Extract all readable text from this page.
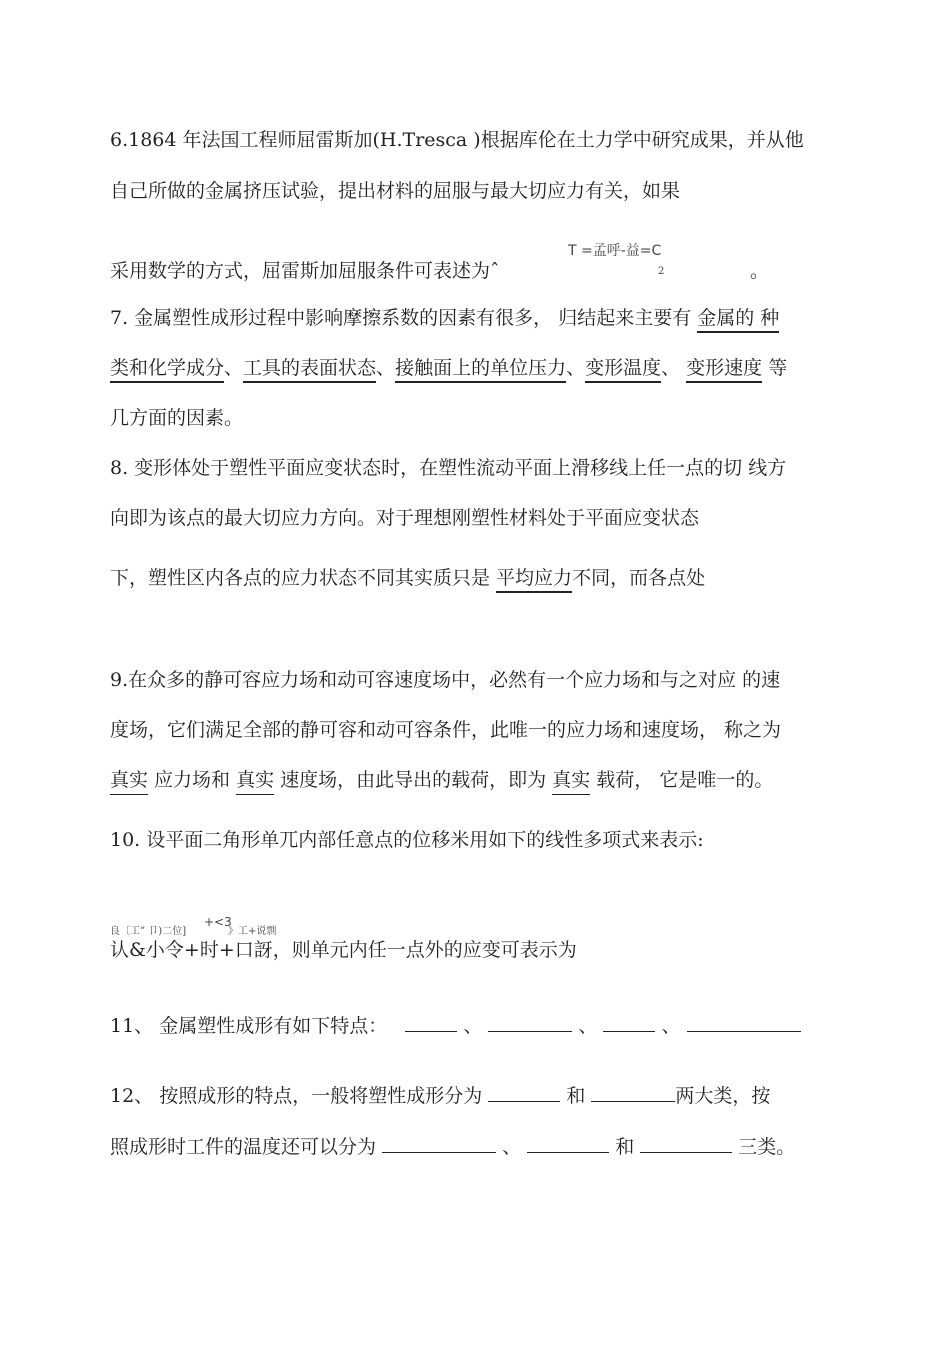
6.1864 年法国工程师屈雷斯加(H.Tresca )根据库伦在土力学中研究成果，并从他
自己所做的金属挤压试验，提出材料的屈服与最大切应力有关，如果
T =孟呼-益=C
2
采用数学的方式，屈雷斯加屈服条件可表述为ˆ	。
7. 金属塑性成形过程中影响摩擦系数的因素有很多， 归结起来主要有 金属的 种
类和化学成分、工具的表面状态、接触面上的单位压力、变形温度、 变形速度 等
几方面的因素。
8. 变形体处于塑性平面应变状态时，在塑性流动平面上滑移线上任一点的切 线方
向即为该点的最大切应力方向。对于理想刚塑性材料处于平面应变状态
下，塑性区内各点的应力状态不同其实质只是 平均应力不同，而各点处
9.在众多的静可容应力场和动可容速度场中，必然有一个应力场和与之对应 的速
度场，它们满足全部的静可容和动可容条件，此唯一的应力场和速度场， 称之为
真实 应力场和 真实 速度场，由此导出的载荷，即为 真实 载荷， 它是唯一的。
10. 设平面二角形单兀内部任意点的位移米用如下的线性多项式来表示:
良〔工” 卩)二位]
+<3
》工+说剽
认&小令+时+口訝，则单元内任一点外的应变可表示为
11、 金属塑性成形有如下特点：	、	、	、
12、 按照成形的特点，一般将塑性成形分为	和	两大类，按
照成形时工件的温度还可以分为	、	和	三类。
